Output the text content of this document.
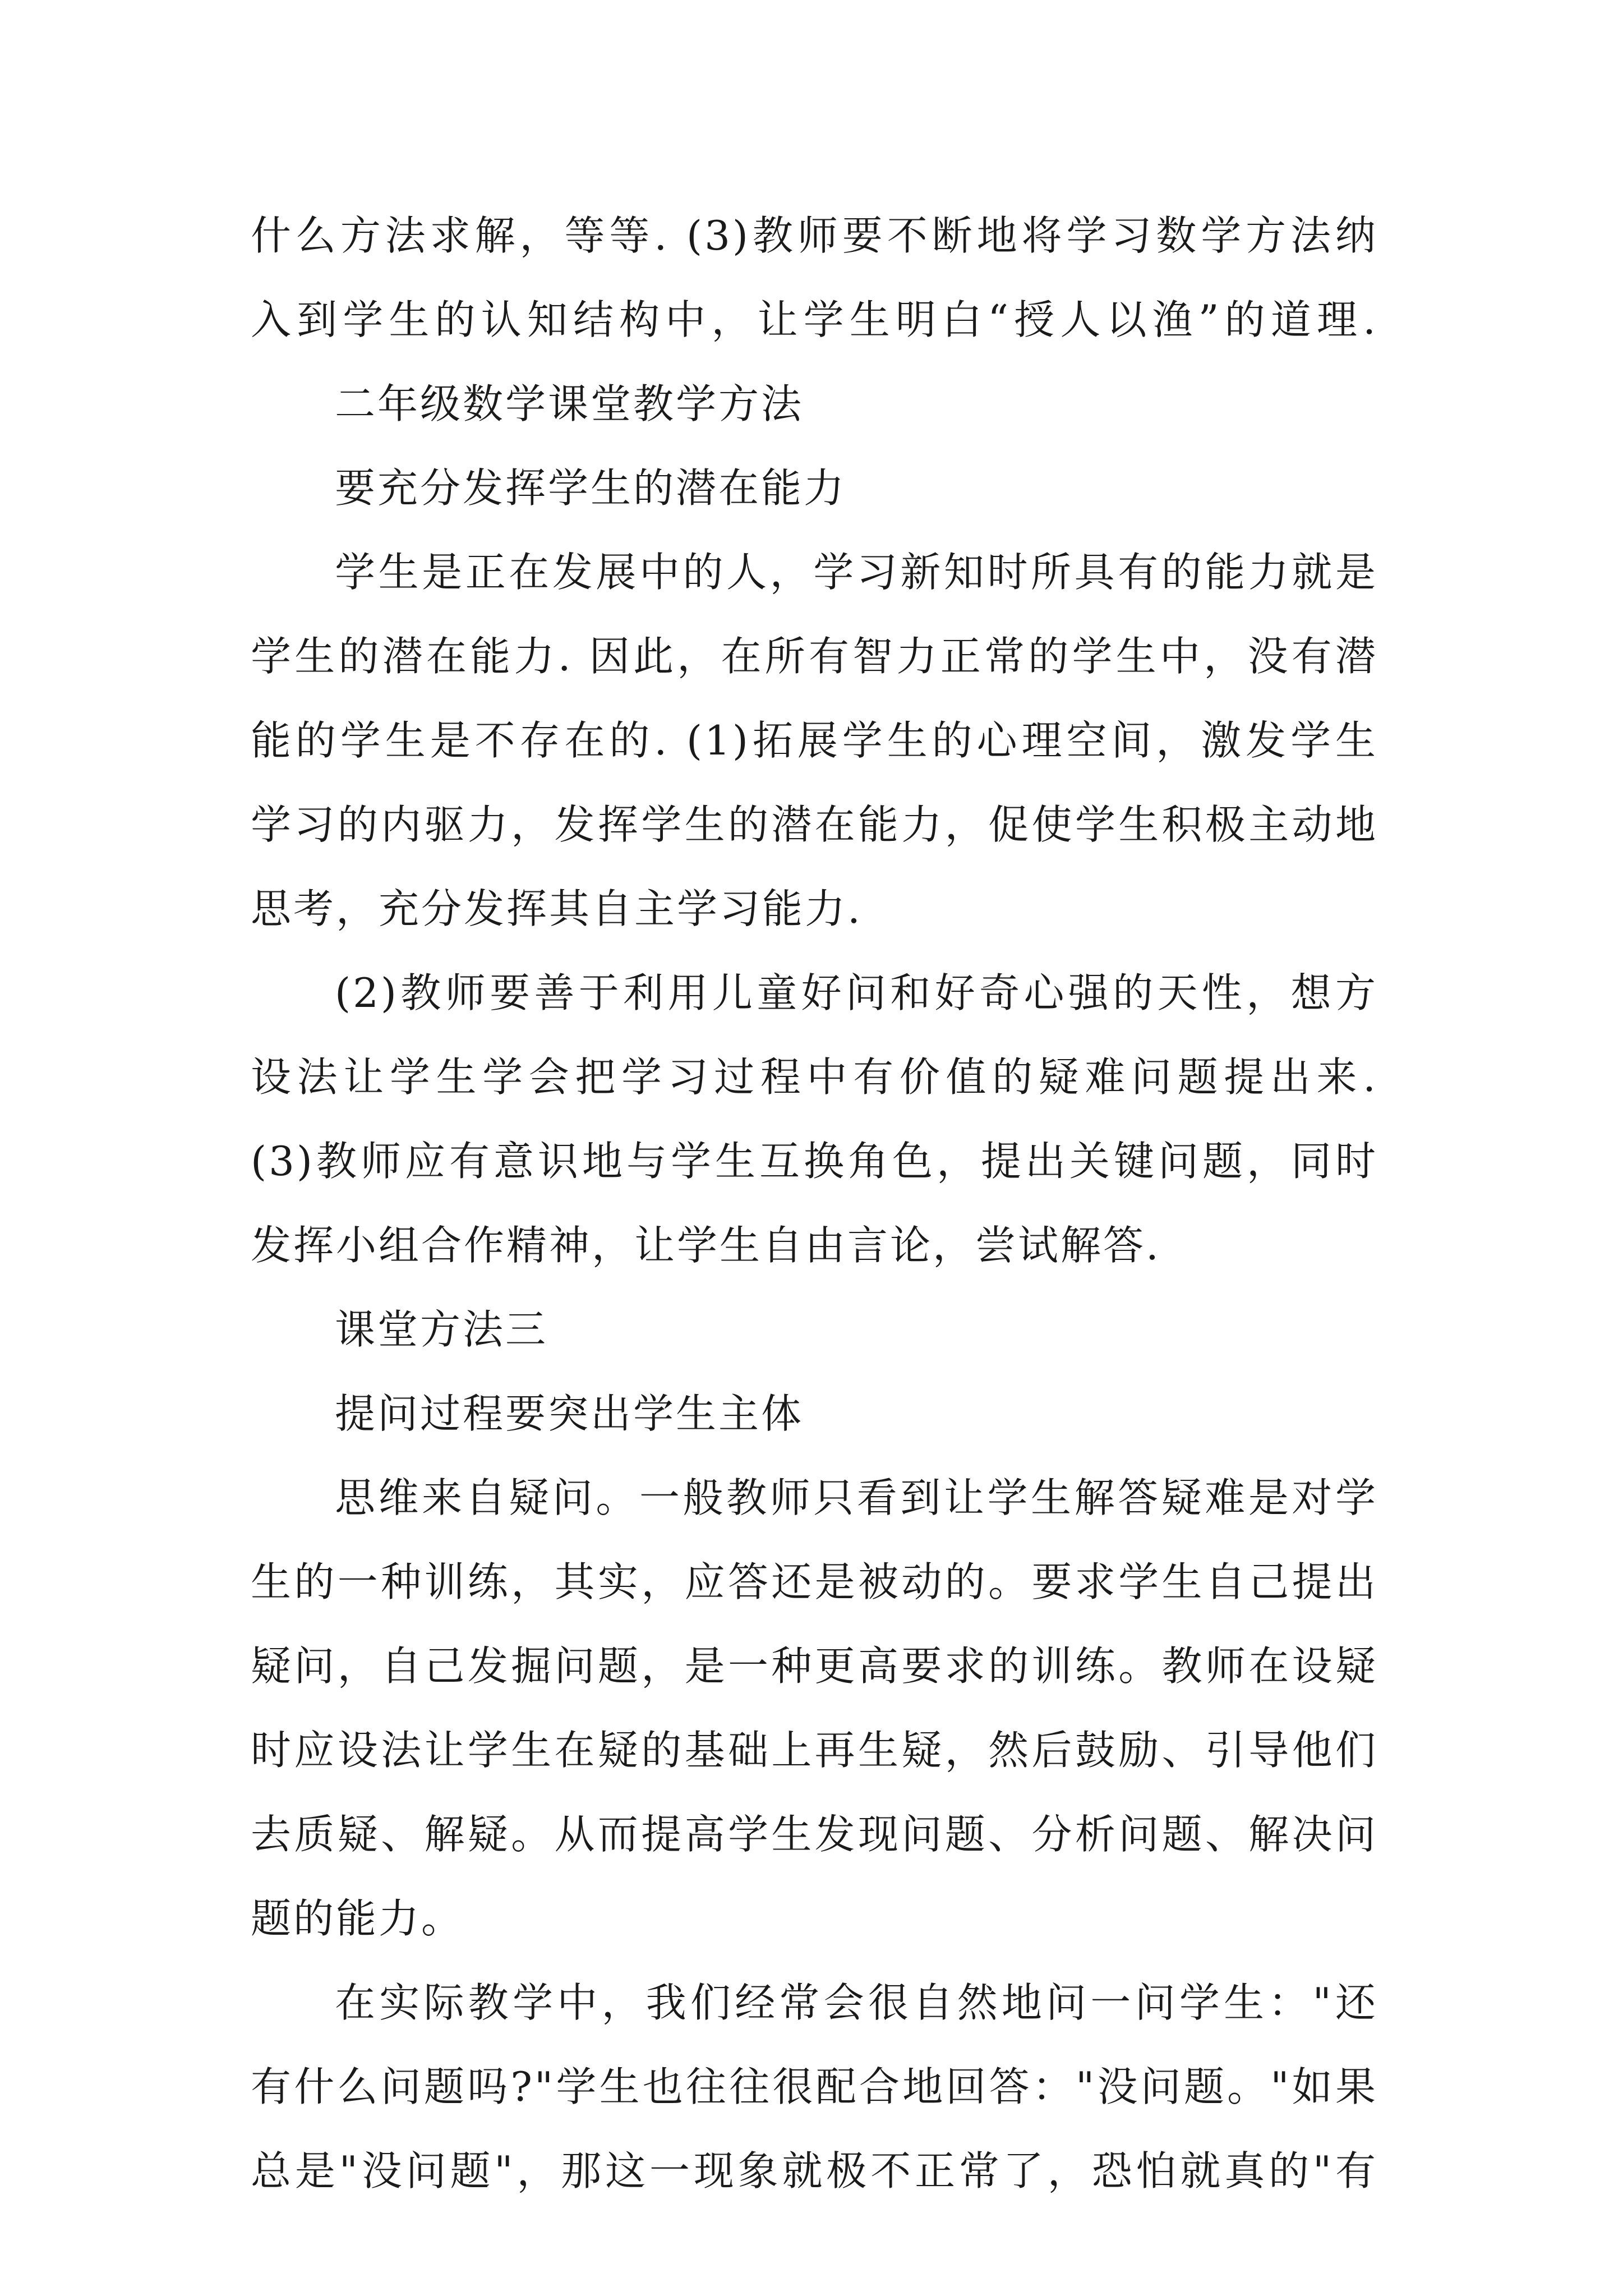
什么方法求解，等等. (3)教师要不断地将学习数学方法纳
入到学生的认知结构中，让学生明白“授人以渔”的道理.
二年级数学课堂教学方法
要充分发挥学生的潜在能力
学生是正在发展中的人，学习新知时所具有的能力就是
学生的潜在能力. 因此，在所有智力正常的学生中，没有潜
能的学生是不存在的. (1)拓展学生的心理空间，激发学生
学习的内驱力，发挥学生的潜在能力，促使学生积极主动地
思考，充分发挥其自主学习能力.
(2)教师要善于利用儿童好问和好奇心强的天性，想方
设法让学生学会把学习过程中有价值的疑难问题提出来.
(3)教师应有意识地与学生互换角色，提出关键问题，同时
发挥小组合作精神，让学生自由言论，尝试解答.
课堂方法三
提问过程要突出学生主体
思维来自疑问。一般教师只看到让学生解答疑难是对学
生的一种训练，其实，应答还是被动的。要求学生自己提出
疑问，自己发掘问题，是一种更高要求的训练。教师在设疑
时应设法让学生在疑的基础上再生疑，然后鼓励、引导他们
去质疑、解疑。从而提高学生发现问题、分析问题、解决问
题的能力。
在实际教学中，我们经常会很自然地问一问学生："还
有什么问题吗?"学生也往往很配合地回答："没问题。"如果
总是"没问题"，那这一现象就极不正常了，恐怕就真的"有
